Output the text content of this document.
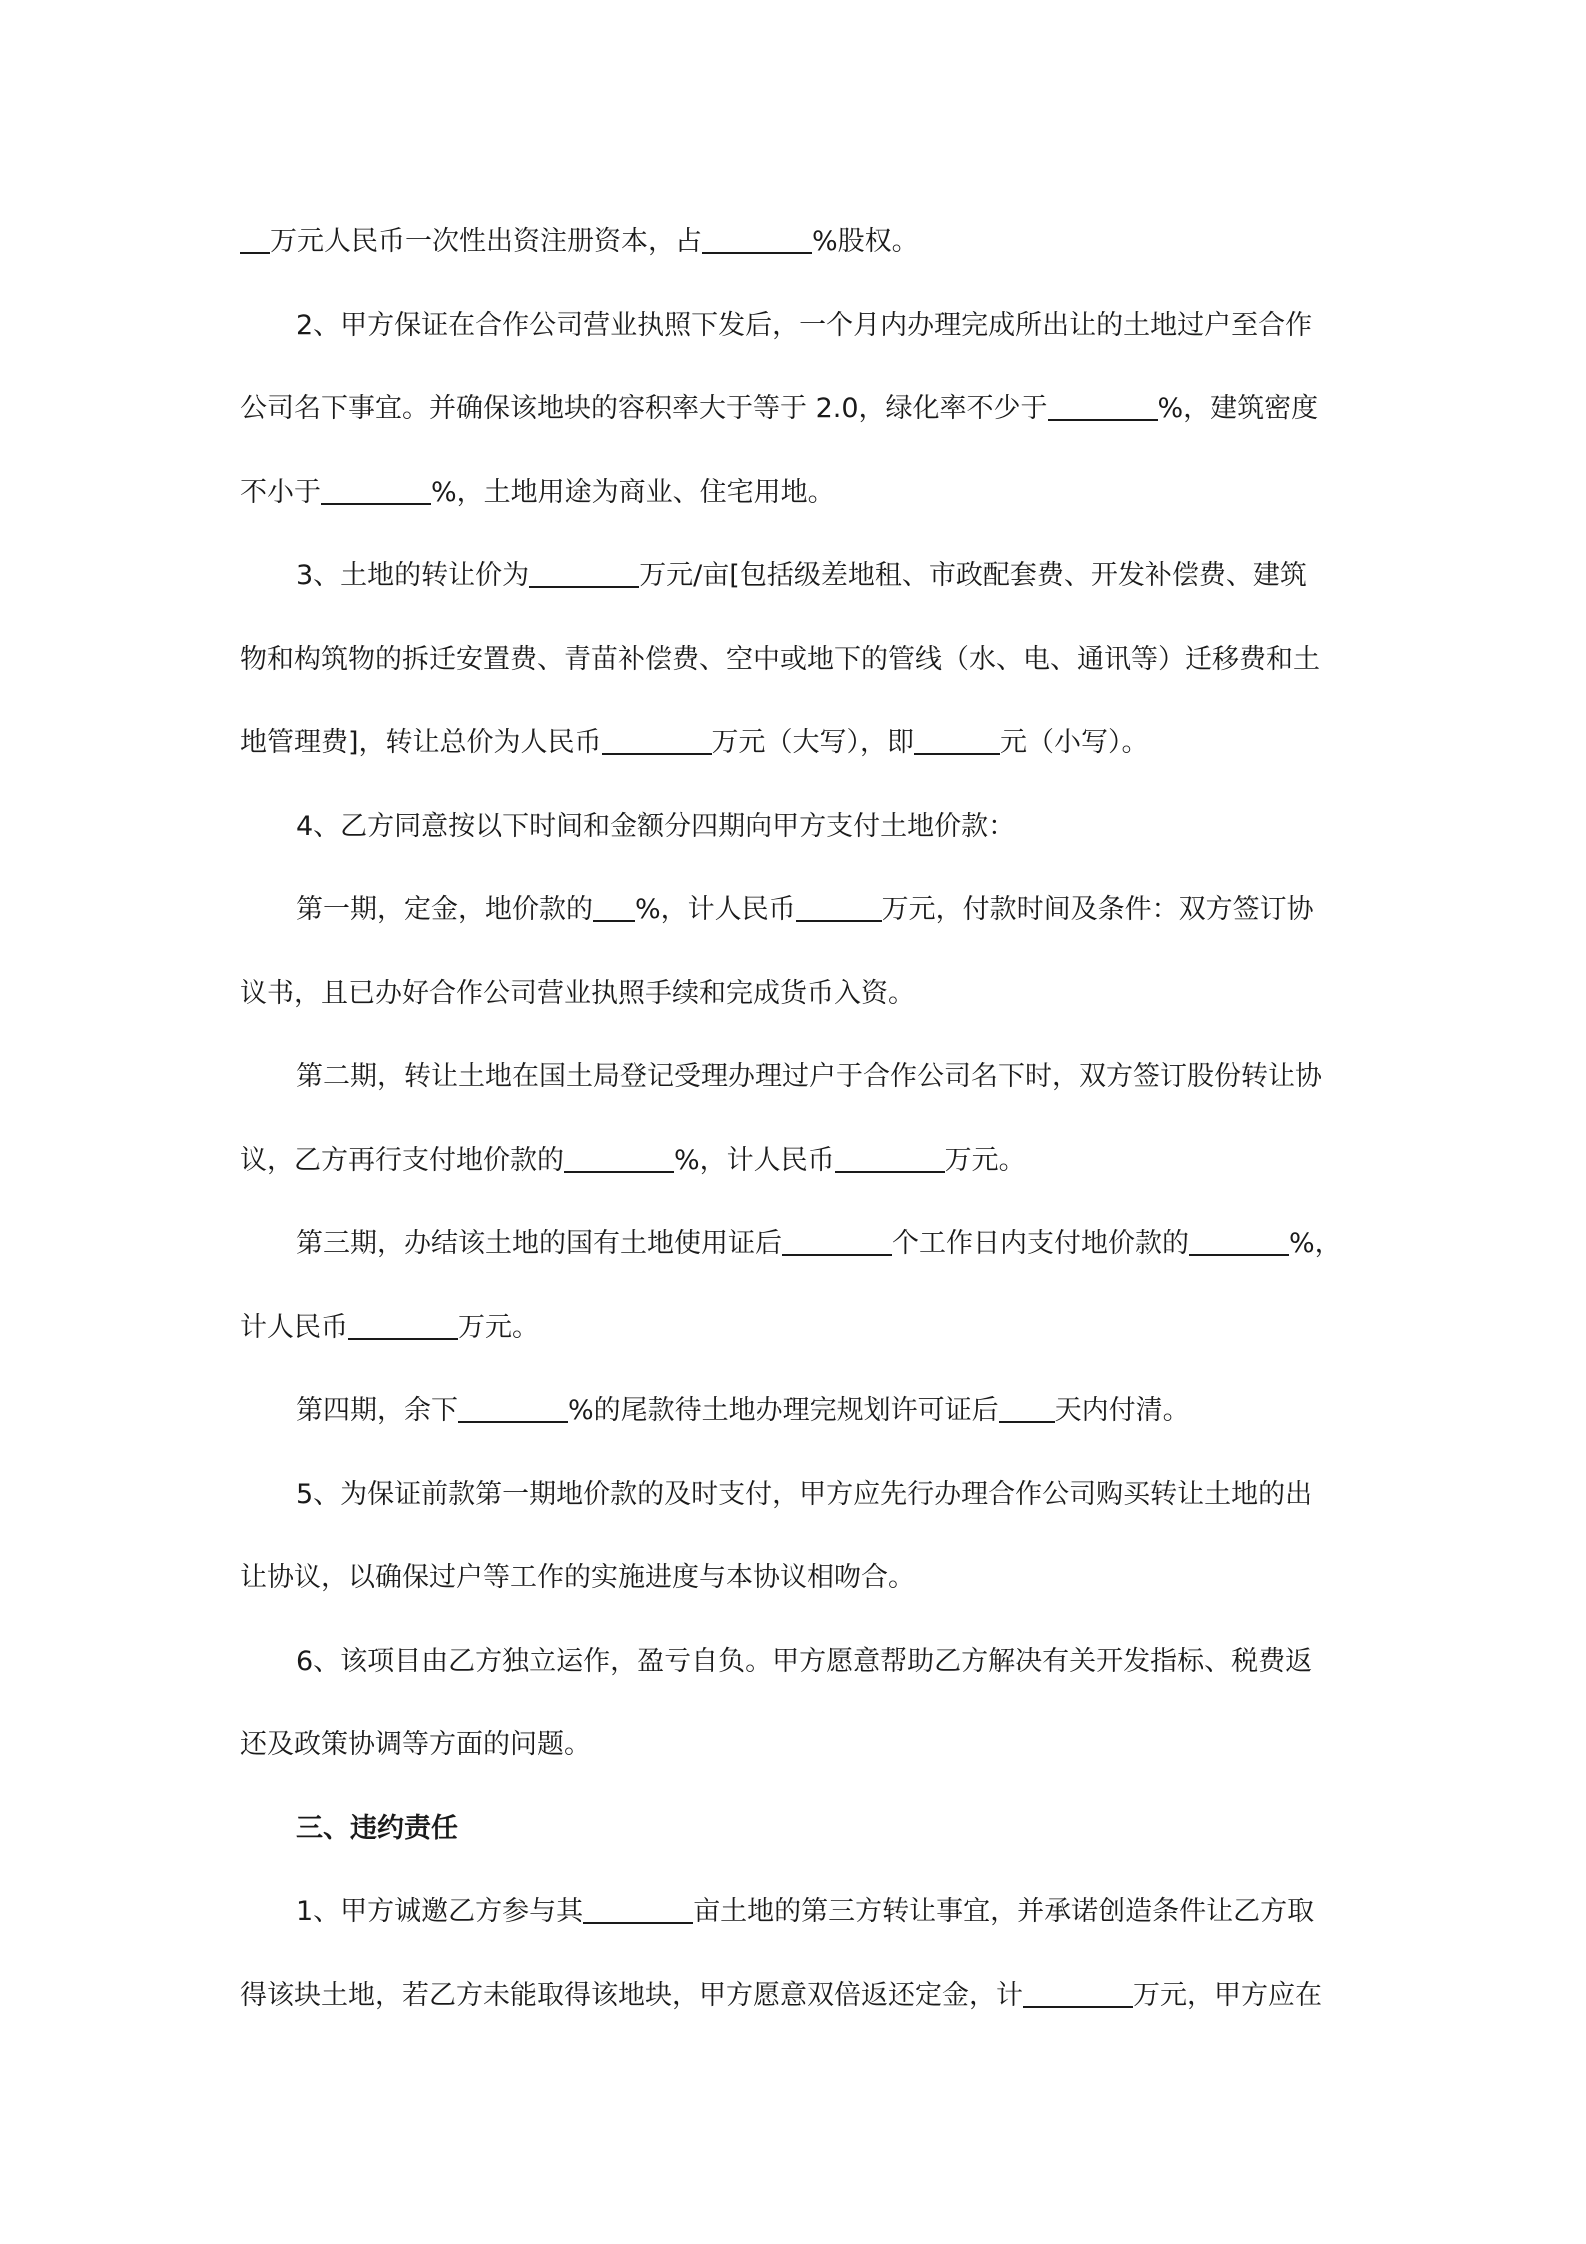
万元人民币一次性出资注册资本，占	%股权。
2、甲方保证在合作公司营业执照下发后，一个月内办理完成所出让的土地过户至合作
公司名下事宜。并确保该地块的容积率大于等于 2.0，绿化率不少于	%，建筑密度
不小于	%，土地用途为商业、住宅用地。
3、土地的转让价为	万元/亩[包括级差地租、市政配套费、开发补偿费、建筑
物和构筑物的拆迁安置费、青苗补偿费、空中或地下的管线（水、电、通讯等）迁移费和土
地管理费]，转让总价为人民币	万元（大写），即	元（小写）。
4、乙方同意按以下时间和金额分四期向甲方支付土地价款：
第一期，定金，地价款的 %，计人民币	万元，付款时间及条件：双方签订协
议书，且已办好合作公司营业执照手续和完成货币入资。
第二期，转让土地在国土局登记受理办理过户于合作公司名下时，双方签订股份转让协
议，乙方再行支付地价款的	%，计人民币	万元。
第三期，办结该土地的国有土地使用证后	个工作日内支付地价款的	%，
计人民币	万元。
第四期，余下	%的尾款待土地办理完规划许可证后 天内付清。
5、为保证前款第一期地价款的及时支付，甲方应先行办理合作公司购买转让土地的出
让协议，以确保过户等工作的实施进度与本协议相吻合。
6、该项目由乙方独立运作，盈亏自负。甲方愿意帮助乙方解决有关开发指标、税费返
还及政策协调等方面的问题。
三、违约责任
1、甲方诚邀乙方参与其	亩土地的第三方转让事宜，并承诺创造条件让乙方取
得该块土地，若乙方未能取得该地块，甲方愿意双倍返还定金，计	万元，甲方应在
